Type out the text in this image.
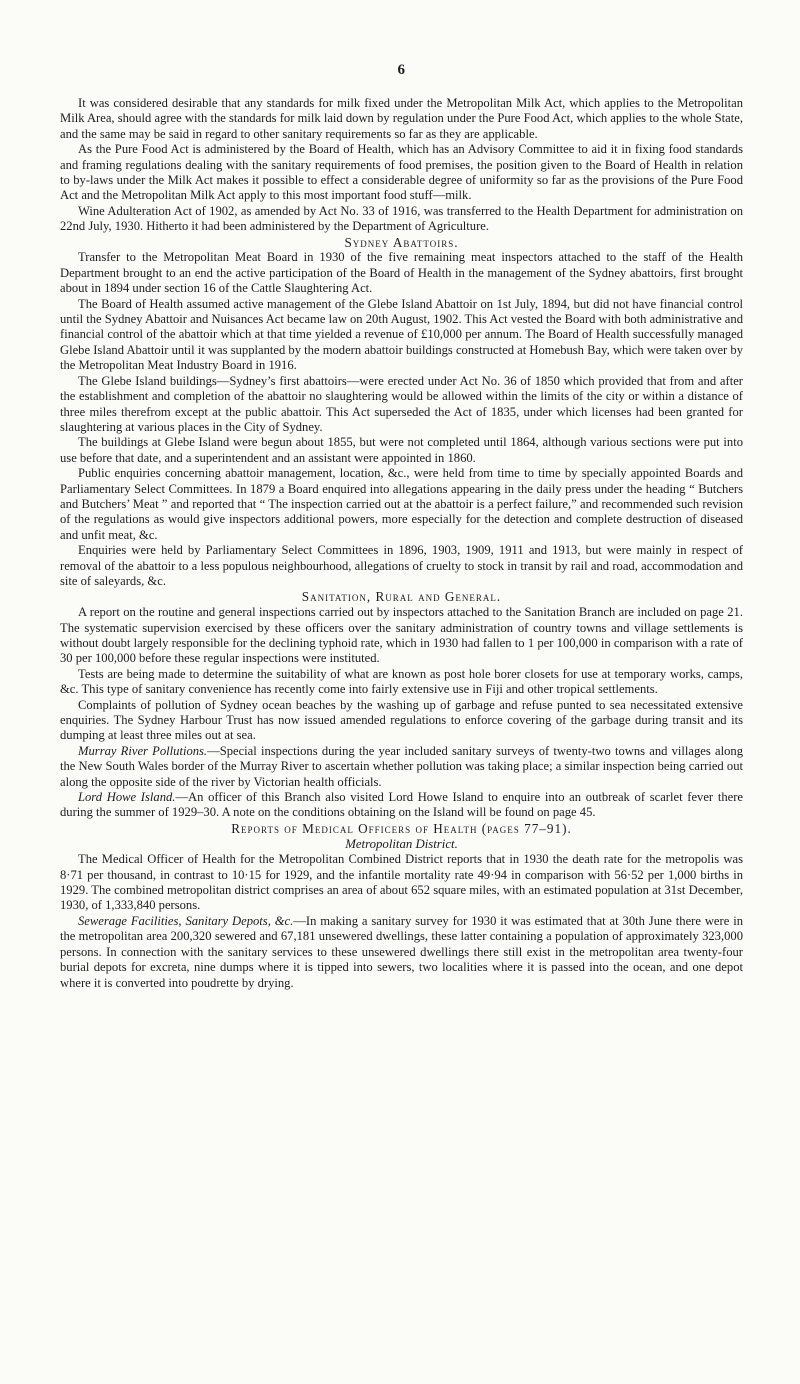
6

It was considered desirable that any standards for milk fixed under the Metropolitan Milk Act, which applies to the Metropolitan Milk Area, should agree with the standards for milk laid down by regulation under the Pure Food Act, which applies to the whole State, and the same may be said in regard to other sanitary requirements so far as they are applicable.

As the Pure Food Act is administered by the Board of Health, which has an Advisory Committee to aid it in fixing food standards and framing regulations dealing with the sanitary requirements of food premises, the position given to the Board of Health in relation to by-laws under the Milk Act makes it possible to effect a considerable degree of uniformity so far as the provisions of the Pure Food Act and the Metropolitan Milk Act apply to this most important food stuff—milk.

Wine Adulteration Act of 1902, as amended by Act No. 33 of 1916, was transferred to the Health Department for administration on 22nd July, 1930. Hitherto it had been administered by the Department of Agriculture.

Sydney Abattoirs.

Transfer to the Metropolitan Meat Board in 1930 of the five remaining meat inspectors attached to the staff of the Health Department brought to an end the active participation of the Board of Health in the management of the Sydney abattoirs, first brought about in 1894 under section 16 of the Cattle Slaughtering Act.

The Board of Health assumed active management of the Glebe Island Abattoir on 1st July, 1894, but did not have financial control until the Sydney Abattoir and Nuisances Act became law on 20th August, 1902. This Act vested the Board with both administrative and financial control of the abattoir which at that time yielded a revenue of £10,000 per annum. The Board of Health successfully managed Glebe Island Abattoir until it was supplanted by the modern abattoir buildings constructed at Homebush Bay, which were taken over by the Metropolitan Meat Industry Board in 1916.

The Glebe Island buildings—Sydney’s first abattoirs—were erected under Act No. 36 of 1850 which provided that from and after the establishment and completion of the abattoir no slaughtering would be allowed within the limits of the city or within a distance of three miles therefrom except at the public abattoir. This Act superseded the Act of 1835, under which licenses had been granted for slaughtering at various places in the City of Sydney.

The buildings at Glebe Island were begun about 1855, but were not completed until 1864, although various sections were put into use before that date, and a superintendent and an assistant were appointed in 1860.

Public enquiries concerning abattoir management, location, &c., were held from time to time by specially appointed Boards and Parliamentary Select Committees. In 1879 a Board enquired into allegations appearing in the daily press under the heading “ Butchers and Butchers’ Meat ” and reported that “ The inspection carried out at the abattoir is a perfect failure,” and recommended such revision of the regulations as would give inspectors additional powers, more especially for the detection and complete destruction of diseased and unfit meat, &c.

Enquiries were held by Parliamentary Select Committees in 1896, 1903, 1909, 1911 and 1913, but were mainly in respect of removal of the abattoir to a less populous neighbourhood, allegations of cruelty to stock in transit by rail and road, accommodation and site of saleyards, &c.

Sanitation, Rural and General.

A report on the routine and general inspections carried out by inspectors attached to the Sanitation Branch are included on page 21. The systematic supervision exercised by these officers over the sanitary administration of country towns and village settlements is without doubt largely responsible for the declining typhoid rate, which in 1930 had fallen to 1 per 100,000 in comparison with a rate of 30 per 100,000 before these regular inspections were instituted.

Tests are being made to determine the suitability of what are known as post hole borer closets for use at temporary works, camps, &c. This type of sanitary convenience has recently come into fairly extensive use in Fiji and other tropical settlements.

Complaints of pollution of Sydney ocean beaches by the washing up of garbage and refuse punted to sea necessitated extensive enquiries. The Sydney Harbour Trust has now issued amended regulations to enforce covering of the garbage during transit and its dumping at least three miles out at sea.

Murray River Pollutions.—Special inspections during the year included sanitary surveys of twenty-two towns and villages along the New South Wales border of the Murray River to ascertain whether pollution was taking place; a similar inspection being carried out along the opposite side of the river by Victorian health officials.

Lord Howe Island.—An officer of this Branch also visited Lord Howe Island to enquire into an outbreak of scarlet fever there during the summer of 1929–30. A note on the conditions obtaining on the Island will be found on page 45.

Reports of Medical Officers of Health (pages 77–91).
Metropolitan District.

The Medical Officer of Health for the Metropolitan Combined District reports that in 1930 the death rate for the metropolis was 8·71 per thousand, in contrast to 10·15 for 1929, and the infantile mortality rate 49·94 in comparison with 56·52 per 1,000 births in 1929. The combined metropolitan district comprises an area of about 652 square miles, with an estimated population at 31st December, 1930, of 1,333,840 persons.

Sewerage Facilities, Sanitary Depots, &c.—In making a sanitary survey for 1930 it was estimated that at 30th June there were in the metropolitan area 200,320 sewered and 67,181 unsewered dwellings, these latter containing a population of approximately 323,000 persons. In connection with the sanitary services to these unsewered dwellings there still exist in the metropolitan area twenty-four burial depots for excreta, nine dumps where it is tipped into sewers, two localities where it is passed into the ocean, and one depot where it is converted into poudrette by drying.
